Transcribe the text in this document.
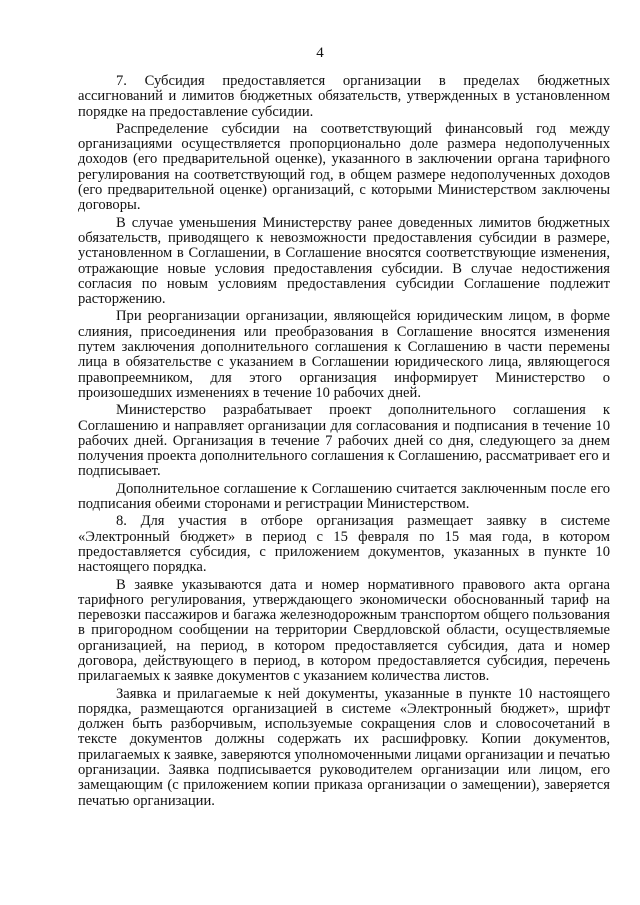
4

7. Субсидия предоставляется организации в пределах бюджетных ассигнований и лимитов бюджетных обязательств, утвержденных в установленном порядке на предоставление субсидии.

Распределение субсидии на соответствующий финансовый год между организациями осуществляется пропорционально доле размера недополученных доходов (его предварительной оценке), указанного в заключении органа тарифного регулирования на соответствующий год, в общем размере недополученных доходов (его предварительной оценке) организаций, с которыми Министерством заключены договоры.

В случае уменьшения Министерству ранее доведенных лимитов бюджетных обязательств, приводящего к невозможности предоставления субсидии в размере, установленном в Соглашении, в Соглашение вносятся соответствующие изменения, отражающие новые условия предоставления субсидии. В случае недостижения согласия по новым условиям предоставления субсидии Соглашение подлежит расторжению.

При реорганизации организации, являющейся юридическим лицом, в форме слияния, присоединения или преобразования в Соглашение вносятся изменения путем заключения дополнительного соглашения к Соглашению в части перемены лица в обязательстве с указанием в Соглашении юридического лица, являющегося правопреемником, для этого организация информирует Министерство о произошедших изменениях в течение 10 рабочих дней.

Министерство разрабатывает проект дополнительного соглашения к Соглашению и направляет организации для согласования и подписания в течение 10 рабочих дней. Организация в течение 7 рабочих дней со дня, следующего за днем получения проекта дополнительного соглашения к Соглашению, рассматривает его и подписывает.

Дополнительное соглашение к Соглашению считается заключенным после его подписания обеими сторонами и регистрации Министерством.

8. Для участия в отборе организация размещает заявку в системе «Электронный бюджет» в период с 15 февраля по 15 мая года, в котором предоставляется субсидия, с приложением документов, указанных в пункте 10 настоящего порядка.

В заявке указываются дата и номер нормативного правового акта органа тарифного регулирования, утверждающего экономически обоснованный тариф на перевозки пассажиров и багажа железнодорожным транспортом общего пользования в пригородном сообщении на территории Свердловской области, осуществляемые организацией, на период, в котором предоставляется субсидия, дата и номер договора, действующего в период, в котором предоставляется субсидия, перечень прилагаемых к заявке документов с указанием количества листов.

Заявка и прилагаемые к ней документы, указанные в пункте 10 настоящего порядка, размещаются организацией в системе «Электронный бюджет», шрифт должен быть разборчивым, используемые сокращения слов и словосочетаний в тексте документов должны содержать их расшифровку. Копии документов, прилагаемых к заявке, заверяются уполномоченными лицами организации и печатью организации. Заявка подписывается руководителем организации или лицом, его замещающим (с приложением копии приказа организации о замещении), заверяется печатью организации.
